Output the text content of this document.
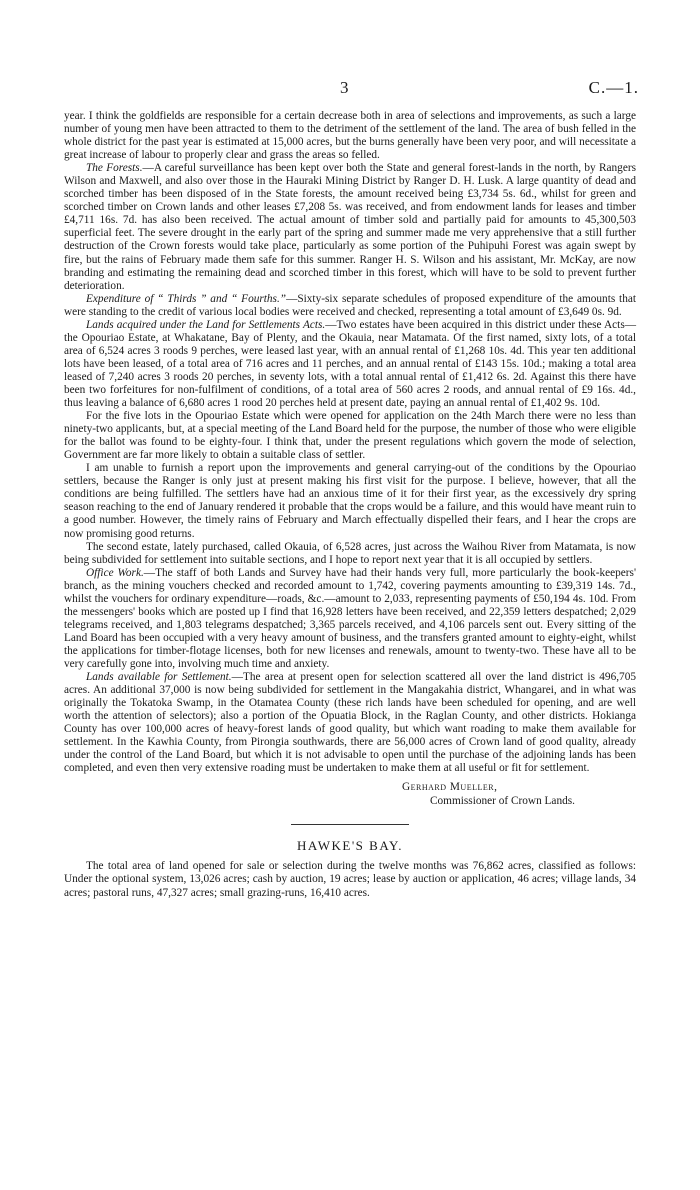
3	C.—1.

year. I think the goldfields are responsible for a certain decrease both in area of selections and improvements, as such a large number of young men have been attracted to them to the detriment of the settlement of the land. The area of bush felled in the whole district for the past year is estimated at 15,000 acres, but the burns generally have been very poor, and will necessitate a great increase of labour to properly clear and grass the areas so felled.

The Forests.—A careful surveillance has been kept over both the State and general forest-lands in the north, by Rangers Wilson and Maxwell, and also over those in the Hauraki Mining District by Ranger D. H. Lusk. A large quantity of dead and scorched timber has been disposed of in the State forests, the amount received being £3,734 5s. 6d., whilst for green and scorched timber on Crown lands and other leases £7,208 5s. was received, and from endowment lands for leases and timber £4,711 16s. 7d. has also been received. The actual amount of timber sold and partially paid for amounts to 45,300,503 superficial feet. The severe drought in the early part of the spring and summer made me very apprehensive that a still further destruction of the Crown forests would take place, particularly as some portion of the Puhipuhi Forest was again swept by fire, but the rains of February made them safe for this summer. Ranger H. S. Wilson and his assistant, Mr. McKay, are now branding and estimating the remaining dead and scorched timber in this forest, which will have to be sold to prevent further deterioration.

Expenditure of “ Thirds ” and “ Fourths.”—Sixty-six separate schedules of proposed expenditure of the amounts that were standing to the credit of various local bodies were received and checked, representing a total amount of £3,649 0s. 9d.

Lands acquired under the Land for Settlements Acts.—Two estates have been acquired in this district under these Acts—the Opouriao Estate, at Whakatane, Bay of Plenty, and the Okauia, near Matamata. Of the first named, sixty lots, of a total area of 6,524 acres 3 roods 9 perches, were leased last year, with an annual rental of £1,268 10s. 4d. This year ten additional lots have been leased, of a total area of 716 acres and 11 perches, and an annual rental of £143 15s. 10d.; making a total area leased of 7,240 acres 3 roods 20 perches, in seventy lots, with a total annual rental of £1,412 6s. 2d. Against this there have been two forfeitures for non-fulfilment of conditions, of a total area of 560 acres 2 roods, and annual rental of £9 16s. 4d., thus leaving a balance of 6,680 acres 1 rood 20 perches held at present date, paying an annual rental of £1,402 9s. 10d.

For the five lots in the Opouriao Estate which were opened for application on the 24th March there were no less than ninety-two applicants, but, at a special meeting of the Land Board held for the purpose, the number of those who were eligible for the ballot was found to be eighty-four. I think that, under the present regulations which govern the mode of selection, Government are far more likely to obtain a suitable class of settler.

I am unable to furnish a report upon the improvements and general carrying-out of the conditions by the Opouriao settlers, because the Ranger is only just at present making his first visit for the purpose. I believe, however, that all the conditions are being fulfilled. The settlers have had an anxious time of it for their first year, as the excessively dry spring season reaching to the end of January rendered it probable that the crops would be a failure, and this would have meant ruin to a good number. However, the timely rains of February and March effectually dispelled their fears, and I hear the crops are now promising good returns.

The second estate, lately purchased, called Okauia, of 6,528 acres, just across the Waihou River from Matamata, is now being subdivided for settlement into suitable sections, and I hope to report next year that it is all occupied by settlers.

Office Work.—The staff of both Lands and Survey have had their hands very full, more particularly the book-keepers' branch, as the mining vouchers checked and recorded amount to 1,742, covering payments amounting to £39,319 14s. 7d., whilst the vouchers for ordinary expenditure—roads, &c.—amount to 2,033, representing payments of £50,194 4s. 10d. From the messengers' books which are posted up I find that 16,928 letters have been received, and 22,359 letters despatched; 2,029 telegrams received, and 1,803 telegrams despatched; 3,365 parcels received, and 4,106 parcels sent out. Every sitting of the Land Board has been occupied with a very heavy amount of business, and the transfers granted amount to eighty-eight, whilst the applications for timber-flotage licenses, both for new licenses and renewals, amount to twenty-two. These have all to be very carefully gone into, involving much time and anxiety.

Lands available for Settlement.—The area at present open for selection scattered all over the land district is 496,705 acres. An additional 37,000 is now being subdivided for settlement in the Mangakahia district, Whangarei, and in what was originally the Tokatoka Swamp, in the Otamatea County (these rich lands have been scheduled for opening, and are well worth the attention of selectors); also a portion of the Opuatia Block, in the Raglan County, and other districts. Hokianga County has over 100,000 acres of heavy-forest lands of good quality, but which want roading to make them available for settlement. In the Kawhia County, from Pirongia southwards, there are 56,000 acres of Crown land of good quality, already under the control of the Land Board, but which it is not advisable to open until the purchase of the adjoining lands has been completed, and even then very extensive roading must be undertaken to make them at all useful or fit for settlement.

Gerhard Mueller,
Commissioner of Crown Lands.
HAWKE'S BAY.

The total area of land opened for sale or selection during the twelve months was 76,862 acres, classified as follows: Under the optional system, 13,026 acres; cash by auction, 19 acres; lease by auction or application, 46 acres; village lands, 34 acres; pastoral runs, 47,327 acres; small grazing-runs, 16,410 acres.
